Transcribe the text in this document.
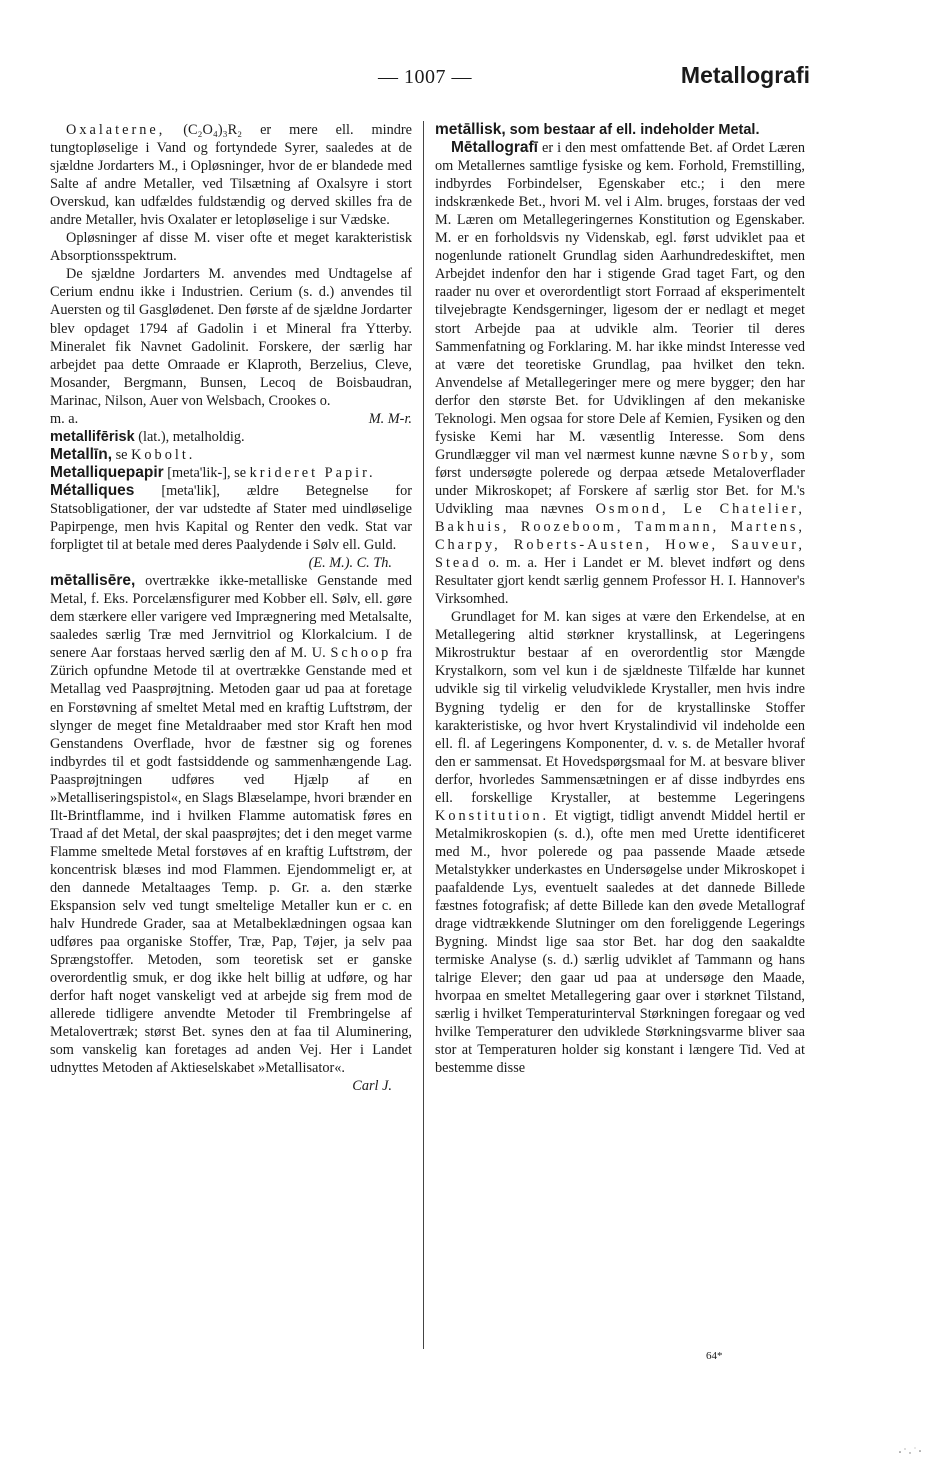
— 1007 —	Metallografi

Oxalaterne, (C₂O₄)₃R₂ er mere ell. mindre tungtopløselige i Vand og fortyndede Syrer, saaledes at de sjældne Jordarters M., i Opløsninger, hvor de er blandede med Salte af andre Metaller, ved Tilsætning af Oxalsyre i stort Overskud, kan udfældes fuldstændig og derved skilles fra de andre Metaller, hvis Oxalater er letopløselige i sur Vædske.

Opløsninger af disse M. viser ofte et meget karakteristisk Absorptionsspektrum.

De sjældne Jordarters M. anvendes med Undtagelse af Cerium endnu ikke i Industrien. Cerium (s. d.) anvendes til Auersten og til Gasglødenet. Den første af de sjældne Jordarter blev opdaget 1794 af Gadolin i et Mineral fra Ytterby. Mineralet fik Navnet Gadolinit. Forskere, der særlig har arbejdet paa dette Omraade er Klaproth, Berzelius, Cleve, Mosander, Bergmann, Bunsen, Lecoq de Boisbaudran, Marinac, Nilson, Auer von Welsbach, Crookes o.

m. a.	M. M-r.

metallifērisk (lat.), metalholdig.

Metallīn, se Kobolt.

Metalliquepapir [meta'lik-], se krideret Papir.

Métalliques [meta'lik], ældre Betegnelse for Statsobligationer, der var udstedte af Stater med uindløselige Papirpenge, men hvis Kapital og Renter den vedk. Stat var forpligtet til at betale med deres Paalydende i Sølv ell. Guld.

(E. M.). C. Th.

mētallisēre, overtrække ikke-metalliske Genstande med Metal, f. Eks. Porcelænsfigurer med Kobber ell. Sølv, ell. gøre dem stærkere eller varigere ved Imprægnering med Metalsalte, saaledes særlig Træ med Jernvitriol og Klorkalcium. I de senere Aar forstaas herved særlig den af M. U. Schoop fra Zürich opfundne Metode til at overtrække Genstande med et Metallag ved Paasprøjtning. Metoden gaar ud paa at foretage en Forstøvning af smeltet Metal med en kraftig Luftstrøm, der slynger de meget fine Metaldraaber med stor Kraft hen mod Genstandens Overflade, hvor de fæstner sig og forenes indbyrdes til et godt fastsiddende og sammenhængende Lag. Paasprøjtningen udføres ved Hjælp af en »Metalliseringspistol«, en Slags Blæselampe, hvori brænder en Ilt-Brintflamme, ind i hvilken Flamme automatisk føres en Traad af det Metal, der skal paasprøjtes; det i den meget varme Flamme smeltede Metal forstøves af en kraftig Luftstrøm, der koncentrisk blæses ind mod Flammen. Ejendommeligt er, at den dannede Metaltaages Temp. p. Gr. a. den stærke Ekspansion selv ved tungt smeltelige Metaller kun er c. en halv Hundrede Grader, saa at Metalbeklædningen ogsaa kan udføres paa organiske Stoffer, Træ, Pap, Tøjer, ja selv paa Sprængstoffer. Metoden, som teoretisk set er ganske overordentlig smuk, er dog ikke helt billig at udføre, og har derfor haft noget vanskeligt ved at arbejde sig frem mod de allerede tidligere anvendte Metoder til Frembringelse af Metalovertræk; størst Bet. synes den at faa til Aluminering, som vanskelig kan foretages ad anden Vej. Her i Landet udnyttes Metoden af Aktieselskabet »Metallisator«.

Carl J.

metāllisk, som bestaar af ell. indeholder Metal.

Mētallografī er i den mest omfattende Bet. af Ordet Læren om Metallernes samtlige fysiske og kem. Forhold, Fremstilling, indbyrdes Forbindelser, Egenskaber etc.; i den mere indskrænkede Bet., hvori M. vel i Alm. bruges, forstaas der ved M. Læren om Metallegeringernes Konstitution og Egenskaber. M. er en forholdsvis ny Videnskab, egl. først udviklet paa et nogenlunde rationelt Grundlag siden Aarhundredeskiftet, men Arbejdet indenfor den har i stigende Grad taget Fart, og den raader nu over et overordentligt stort Forraad af eksperimentelt tilvejebragte Kendsgerninger, ligesom der er nedlagt et meget stort Arbejde paa at udvikle alm. Teorier til deres Sammenfatning og Forklaring. M. har ikke mindst Interesse ved at være det teoretiske Grundlag, paa hvilket den tekn. Anvendelse af Metallegeringer mere og mere bygger; den har derfor den største Bet. for Udviklingen af den mekaniske Teknologi. Men ogsaa for store Dele af Kemien, Fysiken og den fysiske Kemi har M. væsentlig Interesse. Som dens Grundlægger vil man vel nærmest kunne nævne Sorby, som først undersøgte polerede og derpaa ætsede Metaloverflader under Mikroskopet; af Forskere af særlig stor Bet. for M.'s Udvikling maa nævnes Osmond, Le Chatelier, Bakhuis, Roozeboom, Tammann, Martens, Charpy, Roberts-Austen, Howe, Sauveur, Stead o. m. a. Her i Landet er M. blevet indført og dens Resultater gjort kendt særlig gennem Professor H. I. Hannover's Virksomhed.

Grundlaget for M. kan siges at være den Erkendelse, at en Metallegering altid størkner krystallinsk, at Legeringens Mikrostruktur bestaar af en overordentlig stor Mængde Krystalkorn, som vel kun i de sjældneste Tilfælde har kunnet udvikle sig til virkelig veludviklede Krystaller, men hvis indre Bygning tydelig er den for de krystallinske Stoffer karakteristiske, og hvor hvert Krystalindivid vil indeholde een ell. fl. af Legeringens Komponenter, d. v. s. de Metaller hvoraf den er sammensat. Et Hovedspørgsmaal for M. at besvare bliver derfor, hvorledes Sammensætningen er af disse indbyrdes ens ell. forskellige Krystaller, at bestemme Legeringens Konstitution. Et vigtigt, tidligt anvendt Middel hertil er Metalmikroskopien (s. d.), ofte men med Urette identificeret med M., hvor polerede og paa passende Maade ætsede Metalstykker underkastes en Undersøgelse under Mikroskopet i paafaldende Lys, eventuelt saaledes at det dannede Billede fæstnes fotografisk; af dette Billede kan den øvede Metallograf drage vidtrækkende Slutninger om den foreliggende Legerings Bygning. Mindst lige saa stor Bet. har dog den saakaldte termiske Analyse (s. d.) særlig udviklet af Tammann og hans talrige Elever; den gaar ud paa at undersøge den Maade, hvorpaa en smeltet Metallegering gaar over i størknet Tilstand, særlig i hvilket Temperaturinterval Størkningen foregaar og ved hvilke Temperaturer den udviklede Størkningsvarme bliver saa stor at Temperaturen holder sig konstant i længere Tid. Ved at bestemme disse

64*
